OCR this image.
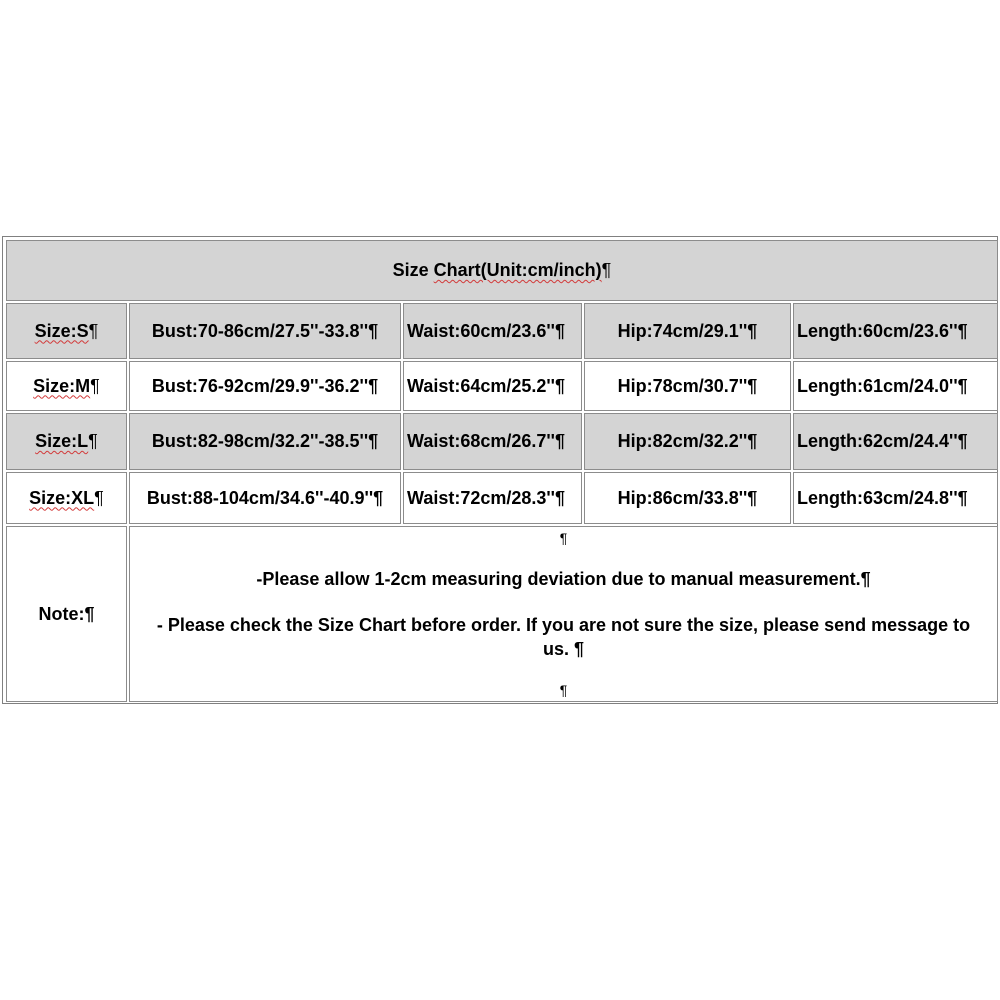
Size Chart(Unit:cm/inch) ¶
Size:S ¶	Bust:70-86cm/27.5''-33.8''¶ Waist:60cm/23.6''¶	Hip:74cm/29.1''¶ Length:60cm/23.6''¶
Size:M ¶	Bust:76-92cm/29.9''-36.2''¶ Waist:64cm/25.2''¶	Hip:78cm/30.7''¶ Length:61cm/24.0''¶
Size:L ¶	Bust:82-98cm/32.2''-38.5''¶ Waist:68cm/26.7''¶	Hip:82cm/32.2''¶ Length:62cm/24.4''¶
Size:XL ¶ Bust:88-104cm/34.6''-40.9''¶ Waist:72cm/28.3''¶	Hip:86cm/33.8''¶ Length:63cm/24.8''¶
Note:¶
¶
-Please allow 1-2cm measuring deviation due to manual measurement.¶
- Please check the Size Chart before order. If you are not sure the size, please send message to us. ¶
¶
